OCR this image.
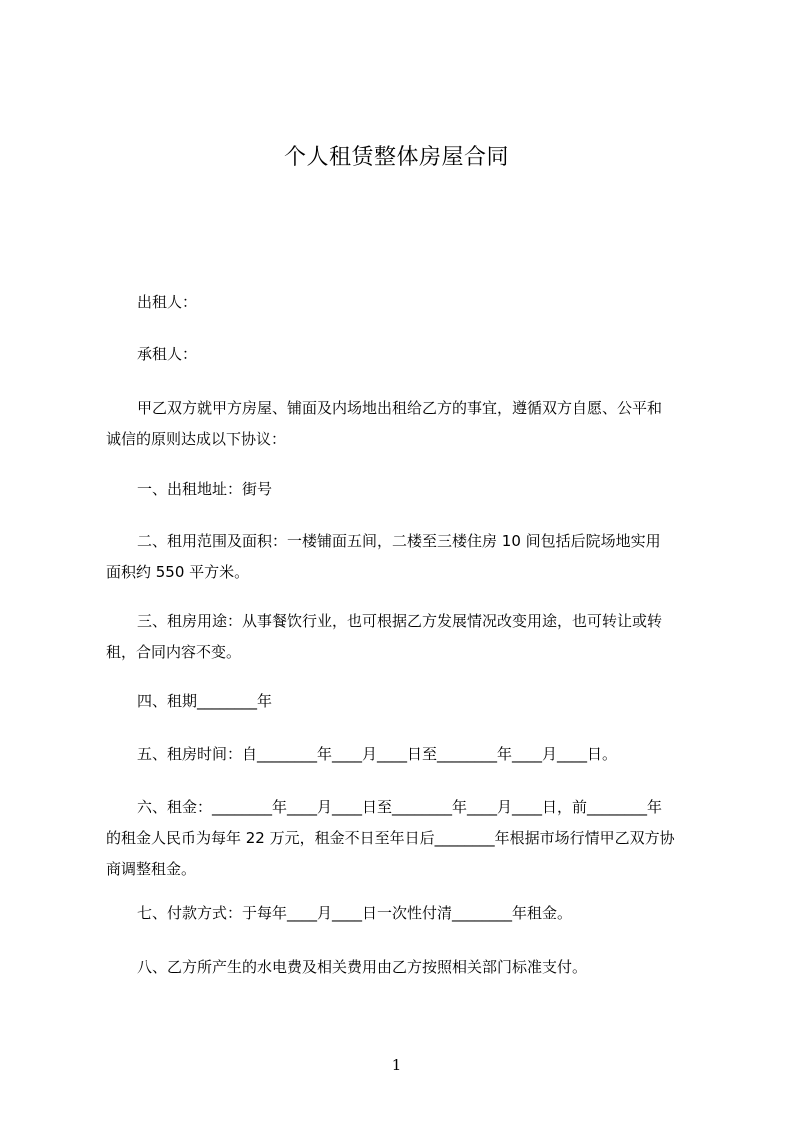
个人租赁整体房屋合同

出租人：

承租人：

甲乙双方就甲方房屋、铺面及内场地出租给乙方的事宜，遵循双方自愿、公平和
诚信的原则达成以下协议：

一、出租地址：街号

二、租用范围及面积：一楼铺面五间，二楼至三楼住房 10 间包括后院场地实用
面积约 550 平方米。
三、租房用途：从事餐饮行业，也可根据乙方发展情况改变用途，也可转让或转
租，合同内容不变。

四、租期________年

五、租房时间：自________年____月____日至________年____月____日。

六、租金：________年____月____日至________年____月____日，前________年
的租金人民币为每年 22 万元，租金不日至年日后________年根据市场行情甲乙双方协
商调整租金。

七、付款方式：于每年____月____日一次性付清________年租金。

八、乙方所产生的水电费及相关费用由乙方按照相关部门标准支付。

1
